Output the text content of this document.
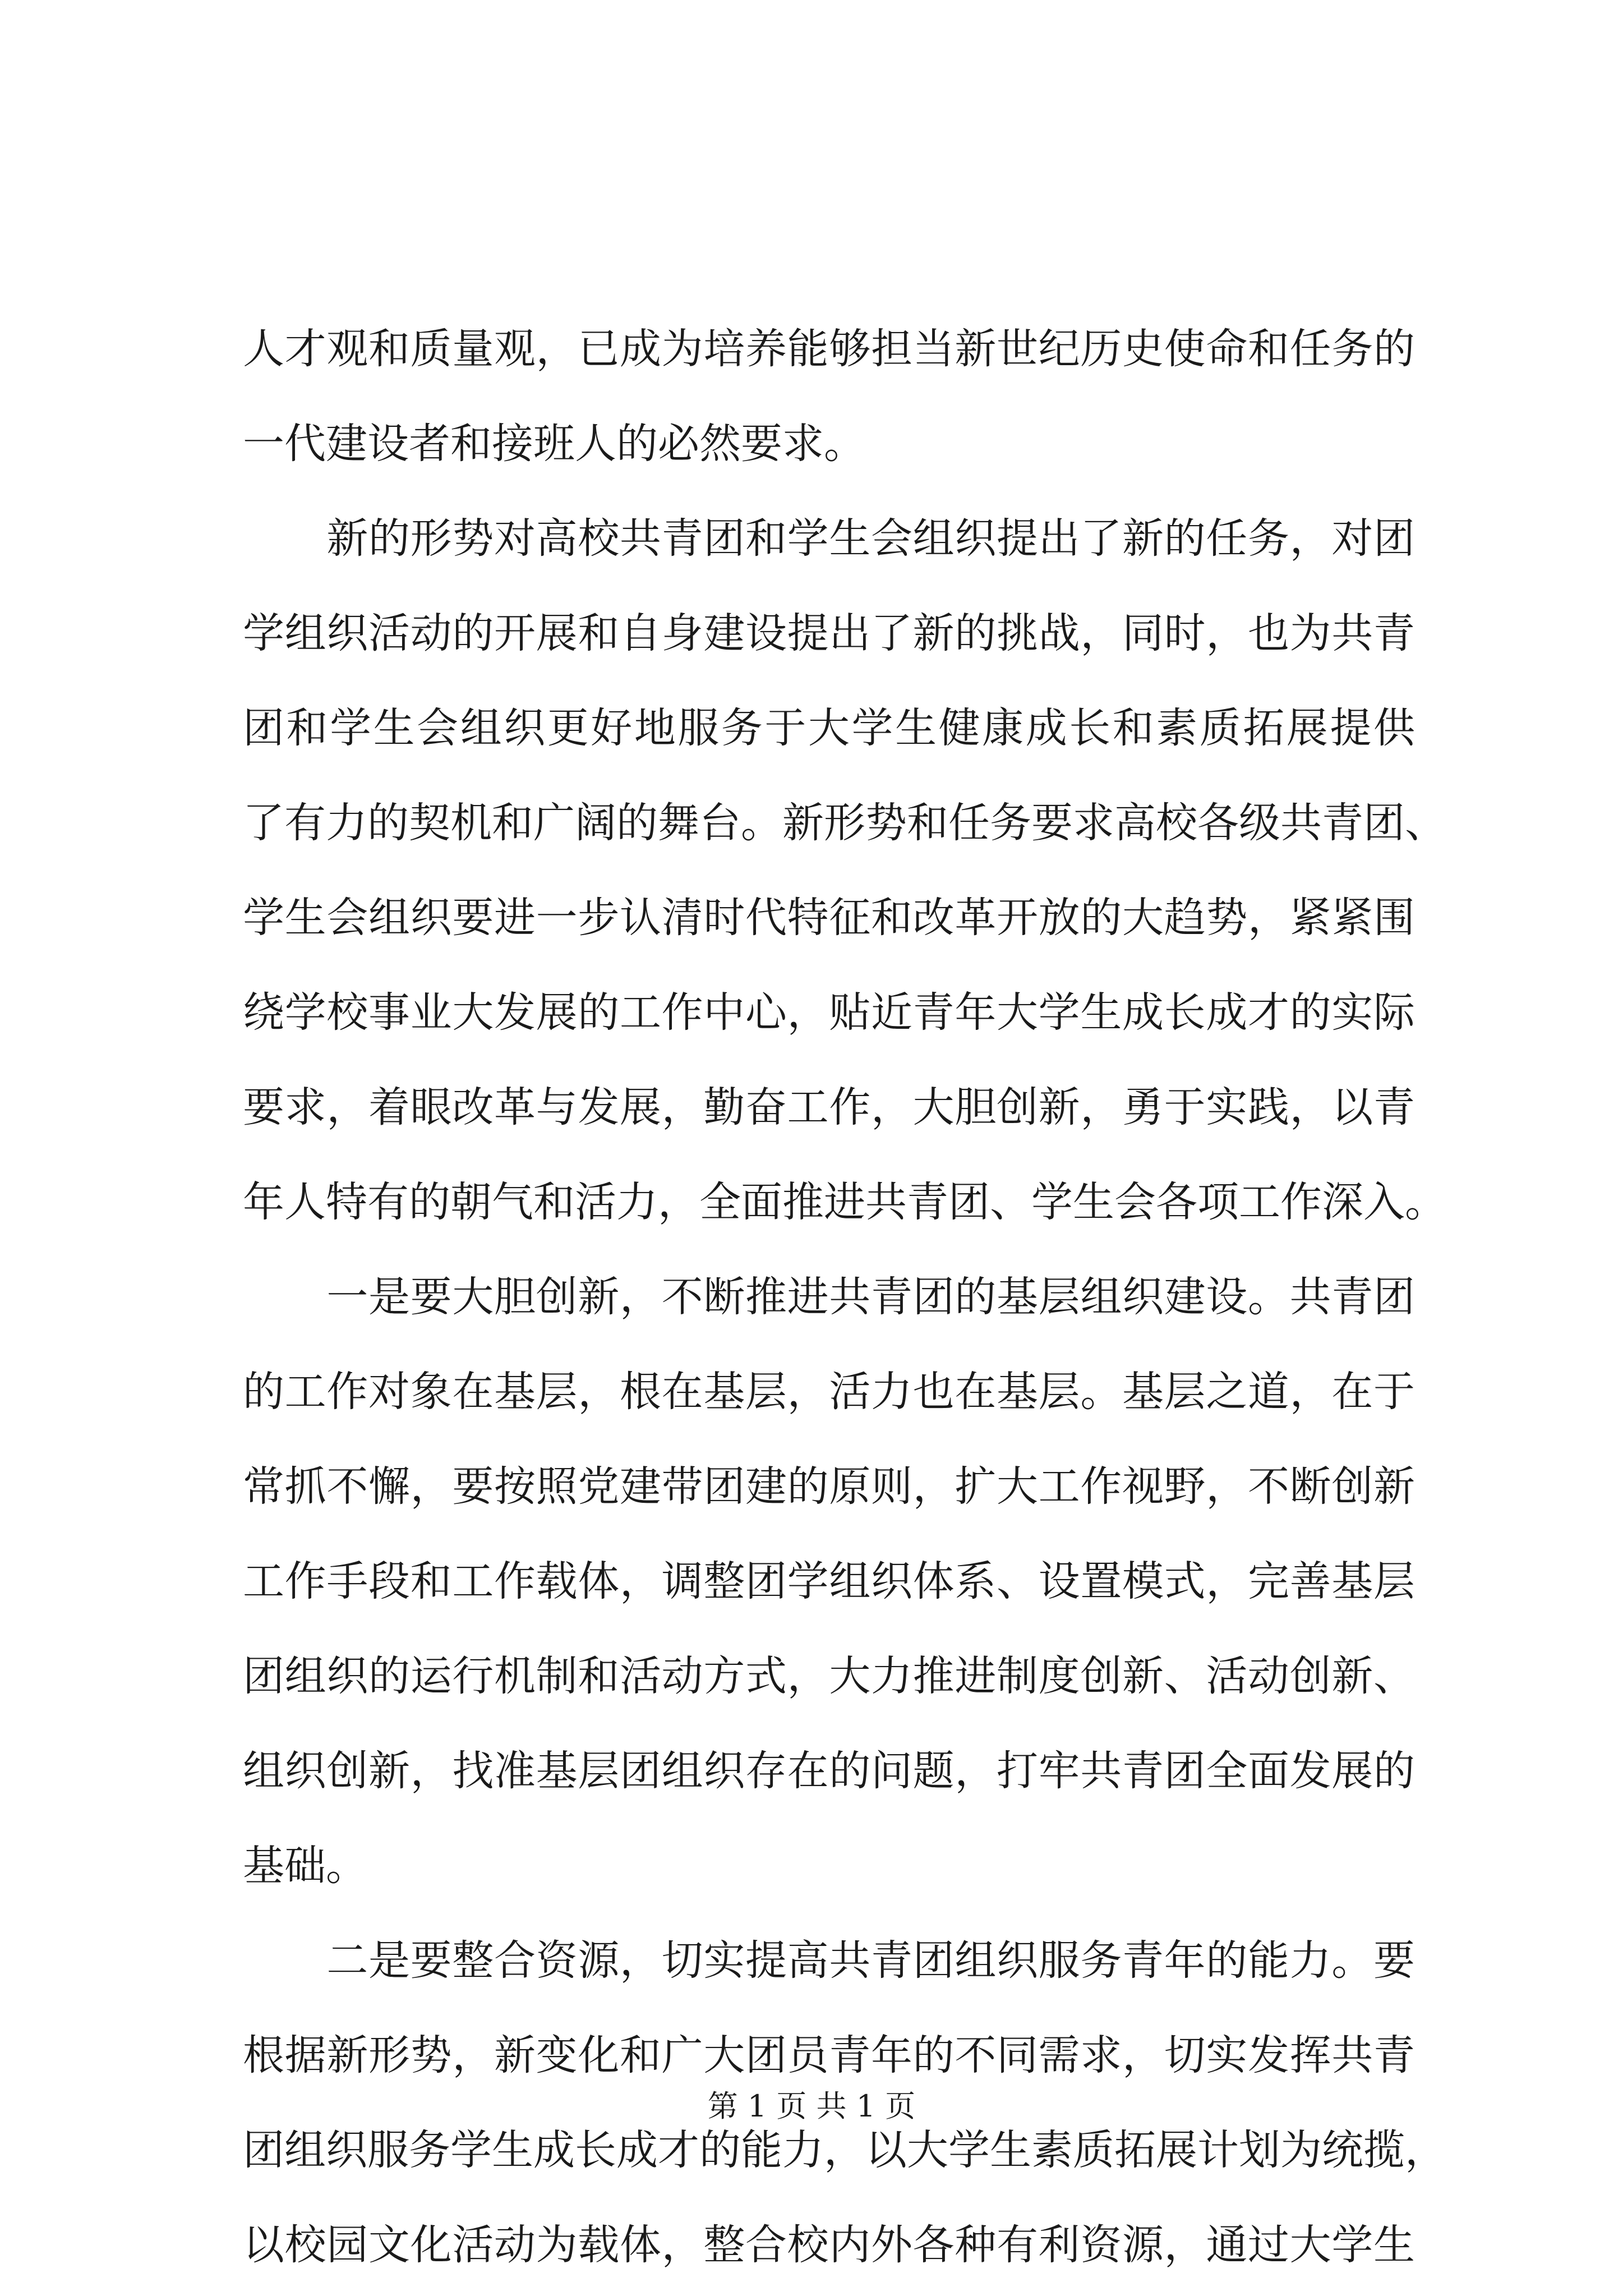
人才观和质量观，已成为培养能够担当新世纪历史使命和任务的
一代建设者和接班人的必然要求。
　　新的形势对高校共青团和学生会组织提出了新的任务，对团
学组织活动的开展和自身建设提出了新的挑战，同时，也为共青
团和学生会组织更好地服务于大学生健康成长和素质拓展提供
了有力的契机和广阔的舞台。新形势和任务要求高校各级共青团、
学生会组织要进一步认清时代特征和改革开放的大趋势，紧紧围
绕学校事业大发展的工作中心，贴近青年大学生成长成才的实际
要求，着眼改革与发展，勤奋工作，大胆创新，勇于实践，以青
年人特有的朝气和活力，全面推进共青团、学生会各项工作深入。
　　一是要大胆创新，不断推进共青团的基层组织建设。共青团
的工作对象在基层，根在基层，活力也在基层。基层之道，在于
常抓不懈，要按照党建带团建的原则，扩大工作视野，不断创新
工作手段和工作载体，调整团学组织体系、设置模式，完善基层
团组织的运行机制和活动方式，大力推进制度创新、活动创新、
组织创新，找准基层团组织存在的问题，打牢共青团全面发展的
基础。
　　二是要整合资源，切实提高共青团组织服务青年的能力。要
根据新形势，新变化和广大团员青年的不同需求，切实发挥共青
团组织服务学生成长成才的能力，以大学生素质拓展计划为统揽，
以校园文化活动为载体，整合校内外各种有利资源，通过大学生
第 1 页 共 1 页
